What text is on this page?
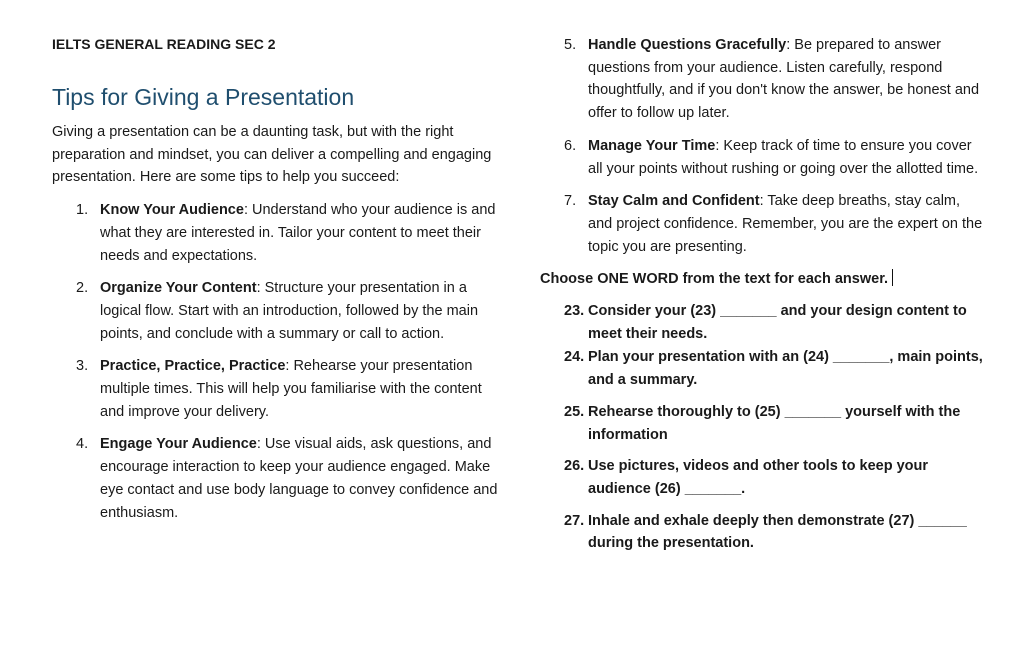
IELTS GENERAL READING SEC 2

Tips for Giving a Presentation

Giving a presentation can be a daunting task, but with the right preparation and mindset, you can deliver a compelling and engaging presentation. Here are some tips to help you succeed:

1. Know Your Audience: Understand who your audience is and what they are interested in. Tailor your content to meet their needs and expectations.
2. Organize Your Content: Structure your presentation in a logical flow. Start with an introduction, followed by the main points, and conclude with a summary or call to action.
3. Practice, Practice, Practice: Rehearse your presentation multiple times. This will help you familiarise with the content and improve your delivery.
4. Engage Your Audience: Use visual aids, ask questions, and encourage interaction to keep your audience engaged. Make eye contact and use body language to convey confidence and enthusiasm.
5. Handle Questions Gracefully: Be prepared to answer questions from your audience. Listen carefully, respond thoughtfully, and if you don't know the answer, be honest and offer to follow up later.
6. Manage Your Time: Keep track of time to ensure you cover all your points without rushing or going over the allotted time.
7. Stay Calm and Confident: Take deep breaths, stay calm, and project confidence. Remember, you are the expert on the topic you are presenting.

Choose ONE WORD from the text for each answer.

23. Consider your (23) _______ and your design content to meet their needs.
24. Plan your presentation with an (24) _______, main points, and a summary.
25. Rehearse thoroughly to (25) _______ yourself with the information
26. Use pictures, videos and other tools to keep your audience (26) _______.
27. Inhale and exhale deeply then demonstrate (27) ______ during the presentation.
